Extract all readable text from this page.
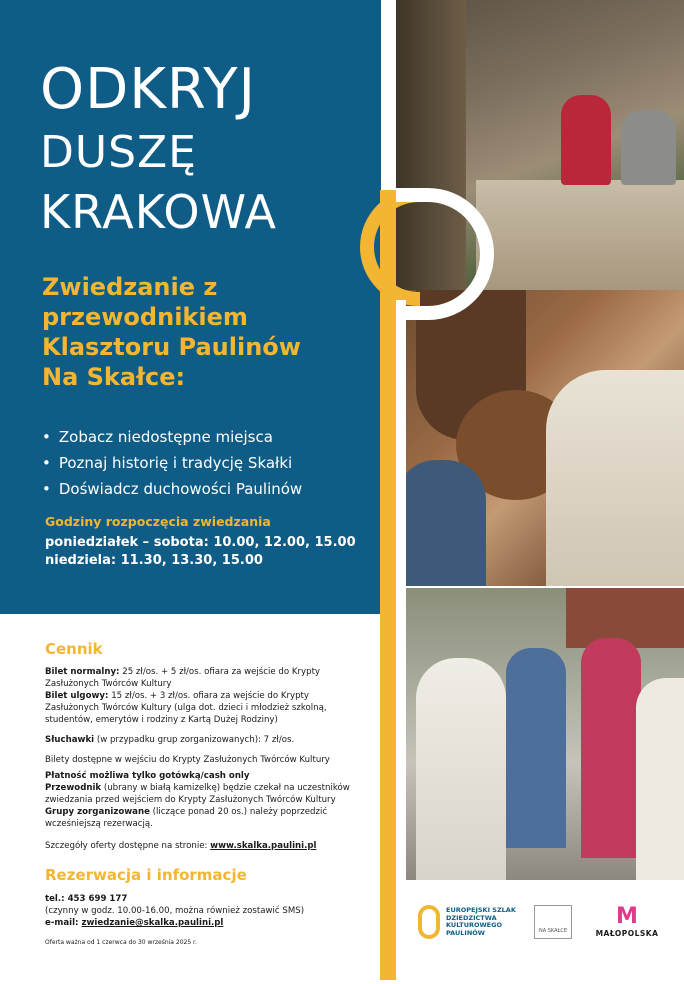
ODKRYJ
DUSZĘ
KRAKOWA
Zwiedzanie z przewodnikiem Klasztoru Paulinów Na Skałce:
• Zobacz niedostępne miejsca
• Poznaj historię i tradycję Skałki
• Doświadcz duchowości Paulinów
Godziny rozpoczęcia zwiedzania
poniedziałek – sobota: 10.00, 12.00, 15.00
niedziela: 11.30, 13.30, 15.00
Cennik

Bilet normalny: 25 zł/os. + 5 zł/os. ofiara za wejście do Krypty Zasłużonych Twórców Kultury
Bilet ulgowy: 15 zł/os. + 3 zł/os. ofiara za wejście do Krypty Zasłużonych Twórców Kultury (ulga dot. dzieci i młodzież szkolną, studentów, emerytów i rodziny z Kartą Dużej Rodziny)

Słuchawki (w przypadku grup zorganizowanych): 7 zł/os.

Bilety dostępne w wejściu do Krypty Zasłużonych Twórców Kultury

Płatność możliwa tylko gotówką/cash only
Przewodnik (ubrany w białą kamizelkę) będzie czekał na uczestników zwiedzania przed wejściem do Krypty Zasłużonych Twórców Kultury
Grupy zorganizowane (liczące ponad 20 os.) należy poprzedzić wcześniejszą rezerwacją.

Szczegóły oferty dostępne na stronie: www.skalka.paulini.pl

Rezerwacja i informacje

tel.: 453 699 177
(czynny w godz. 10.00-16.00, można również zostawić SMS)
e-mail: zwiedzanie@skalka.paulini.pl

Oferta ważna od 1 czerwca do 30 września 2025 r.

EUROPEJSKI SZLAK
DZIEDZICTWA
KULTUROWEGO
PAULINÓW	NA SKAŁCE
M
MAŁOPOLSKA
